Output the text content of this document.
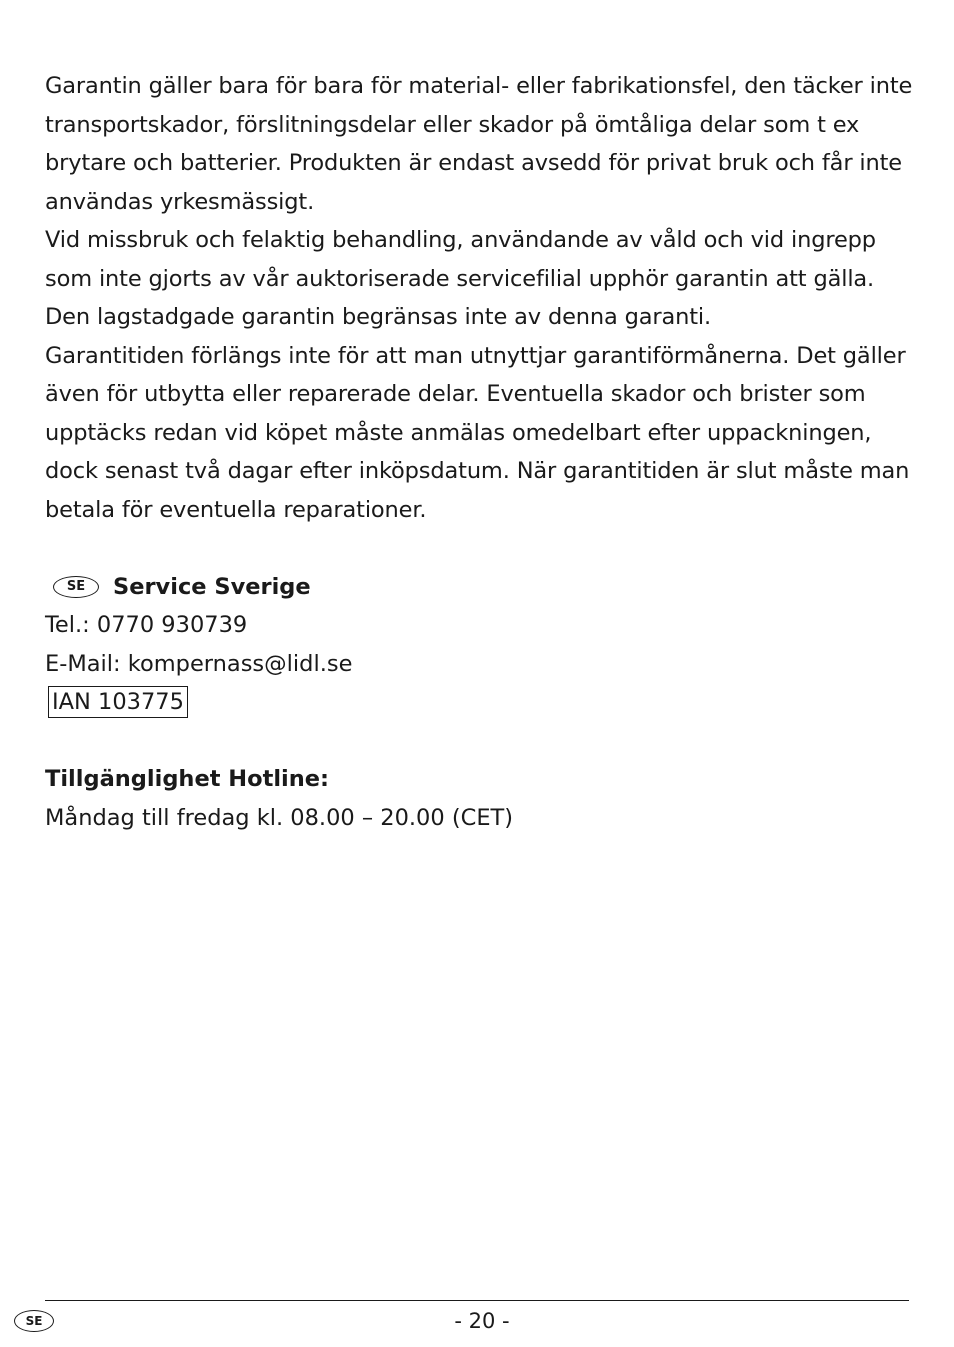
Garantin gäller bara för bara för material- eller fabrikationsfel, den täcker inte transportskador, förslitningsdelar eller skador på ömtåliga delar som t ex brytare och batterier. Produkten är endast avsedd för privat bruk och får inte användas yrkesmässigt.

Vid missbruk och felaktig behandling, användande av våld och vid ingrepp som inte gjorts av vår auktoriserade servicefilial upphör garantin att gälla. Den lagstadgade garantin begränsas inte av denna garanti.

Garantitiden förlängs inte för att man utnyttjar garantiförmånerna. Det gäller även för utbytta eller reparerade delar. Eventuella skador och brister som upptäcks redan vid köpet måste anmälas omedelbart efter uppackningen, dock senast två dagar efter inköpsdatum. När garantitiden är slut måste man betala för eventuella reparationer.

SE	Service Sverige

Tel.: 0770 930739

E-Mail: kompernass@lidl.se

IAN 103775

Tillgänglighet Hotline:

Måndag till fredag kl. 08.00 – 20.00 (CET)

SE	- 20 -
